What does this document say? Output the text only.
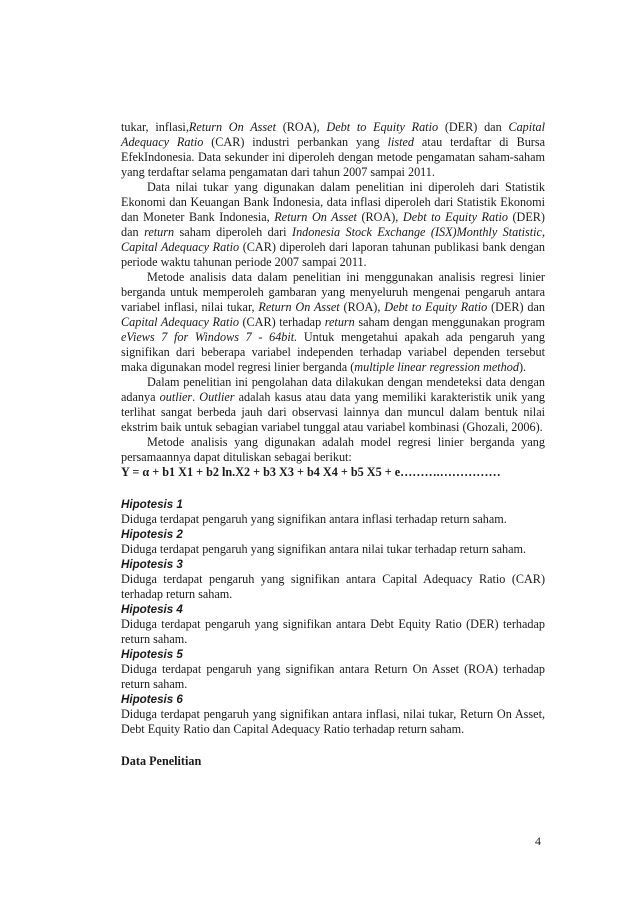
tukar, inflasi,Return On Asset (ROA), Debt to Equity Ratio (DER) dan Capital Adequacy Ratio (CAR) industri perbankan yang listed atau terdaftar di Bursa EfekIndonesia. Data sekunder ini diperoleh dengan metode pengamatan saham-saham yang terdaftar selama pengamatan dari tahun 2007 sampai 2011.

Data nilai tukar yang digunakan dalam penelitian ini diperoleh dari Statistik Ekonomi dan Keuangan Bank Indonesia, data inflasi diperoleh dari Statistik Ekonomi dan Moneter Bank Indonesia, Return On Asset (ROA), Debt to Equity Ratio (DER) dan return saham diperoleh dari Indonesia Stock Exchange (ISX)Monthly Statistic, Capital Adequacy Ratio (CAR) diperoleh dari laporan tahunan publikasi bank dengan periode waktu tahunan periode 2007 sampai 2011.

Metode analisis data dalam penelitian ini menggunakan analisis regresi linier berganda untuk memperoleh gambaran yang menyeluruh mengenai pengaruh antara variabel inflasi, nilai tukar, Return On Asset (ROA), Debt to Equity Ratio (DER) dan Capital Adequacy Ratio (CAR) terhadap return saham dengan menggunakan program eViews 7 for Windows 7 - 64bit. Untuk mengetahui apakah ada pengaruh yang signifikan dari beberapa variabel independen terhadap variabel dependen tersebut maka digunakan model regresi linier berganda (multiple linear regression method).

Dalam penelitian ini pengolahan data dilakukan dengan mendeteksi data dengan adanya outlier. Outlier adalah kasus atau data yang memiliki karakteristik unik yang terlihat sangat berbeda jauh dari observasi lainnya dan muncul dalam bentuk nilai ekstrim baik untuk sebagian variabel tunggal atau variabel kombinasi (Ghozali, 2006).

Metode analisis yang digunakan adalah model regresi linier berganda yang persamaannya dapat dituliskan sebagai berikut:

Y = α + b1 X1 + b2 ln.X2 + b3 X3 + b4 X4 + b5 X5 + e……….……………

Hipotesis 1

Diduga terdapat pengaruh yang signifikan antara inflasi terhadap return saham.

Hipotesis 2

Diduga terdapat pengaruh yang signifikan antara nilai tukar terhadap return saham.

Hipotesis 3

Diduga terdapat pengaruh yang signifikan antara Capital Adequacy Ratio (CAR) terhadap return saham.

Hipotesis 4

Diduga terdapat pengaruh yang signifikan antara Debt Equity Ratio (DER) terhadap return saham.

Hipotesis 5

Diduga terdapat pengaruh yang signifikan antara Return On Asset (ROA) terhadap return saham.

Hipotesis 6

Diduga terdapat pengaruh yang signifikan antara inflasi, nilai tukar, Return On Asset, Debt Equity Ratio dan Capital Adequacy Ratio terhadap return saham.

Data Penelitian

4
